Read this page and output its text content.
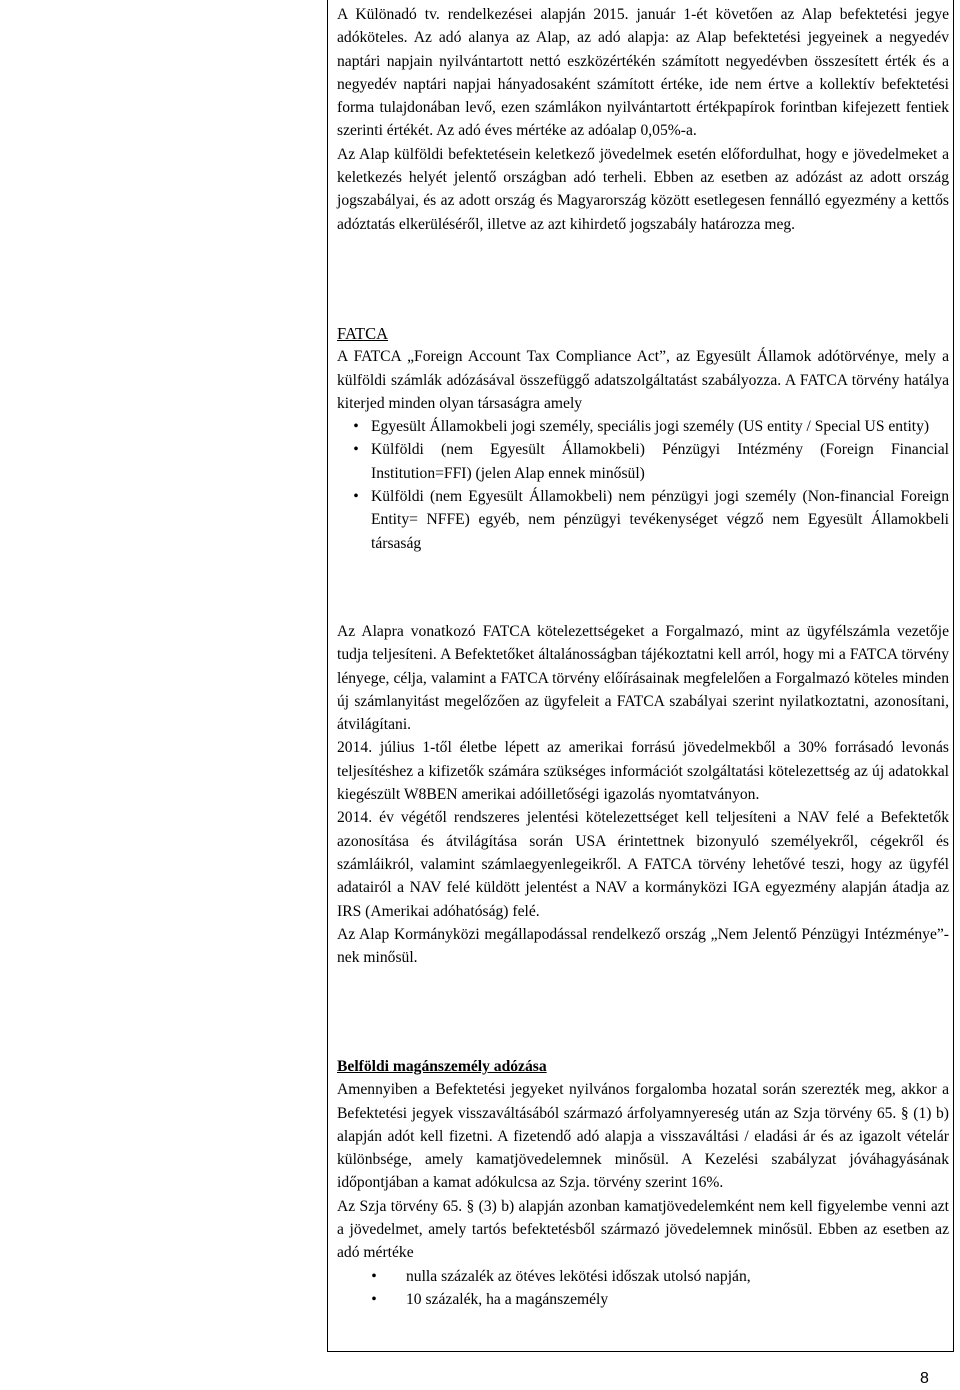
A Különadó tv. rendelkezései alapján 2015. január 1-ét követően az Alap befektetési jegye adóköteles. Az adó alanya az Alap, az adó alapja: az Alap befektetési jegyeinek a negyedév naptári napjain nyilvántartott nettó eszközértékén számított negyedévben összesített érték és a negyedév naptári napjai hányadosaként számított értéke, ide nem értve a kollektív befektetési forma tulajdonában levő, ezen számlákon nyilvántartott értékpapírok forintban kifejezett fentiek szerinti értékét. Az adó éves mértéke az adóalap 0,05%-a.

Az Alap külföldi befektetésein keletkező jövedelmek esetén előfordulhat, hogy e jövedelmeket a keletkezés helyét jelentő országban adó terheli. Ebben az esetben az adózást az adott ország jogszabályai, és az adott ország és Magyarország között esetlegesen fennálló egyezmény a kettős adóztatás elkerüléséről, illetve az azt kihirdető jogszabály határozza meg.

FATCA

A FATCA „Foreign Account Tax Compliance Act”, az Egyesült Államok adótörvénye, mely a külföldi számlák adózásával összefüggő adatszolgáltatást szabályozza. A FATCA törvény hatálya kiterjed minden olyan társaságra amely

• Egyesült Államokbeli jogi személy, speciális jogi személy (US entity / Special US entity)
• Külföldi (nem Egyesült Államokbeli) Pénzügyi Intézmény (Foreign Financial Institution=FFI) (jelen Alap ennek minősül)
• Külföldi (nem Egyesült Államokbeli) nem pénzügyi jogi személy (Non-financial Foreign Entity= NFFE) egyéb, nem pénzügyi tevékenységet végző nem Egyesült Államokbeli társaság

Az Alapra vonatkozó FATCA kötelezettségeket a Forgalmazó, mint az ügyfélszámla vezetője tudja teljesíteni. A Befektetőket általánosságban tájékoztatni kell arról, hogy mi a FATCA törvény lényege, célja, valamint a FATCA törvény előírásainak megfelelően a Forgalmazó köteles minden új számlanyitást megelőzően az ügyfeleit a FATCA szabályai szerint nyilatkoztatni, azonosítani, átvilágítani.

2014. július 1-től életbe lépett az amerikai forrású jövedelmekből a 30% forrásadó levonás teljesítéshez a kifizetők számára szükséges információt szolgáltatási kötelezettség az új adatokkal kiegészült W8BEN amerikai adóilletőségi igazolás nyomtatványon.

2014. év végétől rendszeres jelentési kötelezettséget kell teljesíteni a NAV felé a Befektetők azonosítása és átvilágítása során USA érintettnek bizonyuló személyekről, cégekről és számláikról, valamint számlaegyenlegeikről. A FATCA törvény lehetővé teszi, hogy az ügyfél adatairól a NAV felé küldött jelentést a NAV a kormányközi IGA egyezmény alapján átadja az IRS (Amerikai adóhatóság) felé.

Az Alap Kormányközi megállapodással rendelkező ország „Nem Jelentő Pénzügyi Intézménye”-nek minősül.

Belföldi magánszemély adózása

Amennyiben a Befektetési jegyeket nyilvános forgalomba hozatal során szerezték meg, akkor a Befektetési jegyek visszaváltásából származó árfolyamnyereség után az Szja törvény 65. § (1) b) alapján adót kell fizetni. A fizetendő adó alapja a visszaváltási / eladási ár és az igazolt vételár különbsége, amely kamatjövedelemnek minősül. A Kezelési szabályzat jóváhagyásának időpontjában a kamat adókulcsa az Szja. törvény szerint 16%.

Az Szja törvény 65. § (3) b) alapján azonban kamatjövedelemként nem kell figyelembe venni azt a jövedelmet, amely tartós befektetésből származó jövedelemnek minősül. Ebben az esetben az adó mértéke

• nulla százalék az ötéves lekötési időszak utolsó napján,
• 10 százalék, ha a magánszemély
8
